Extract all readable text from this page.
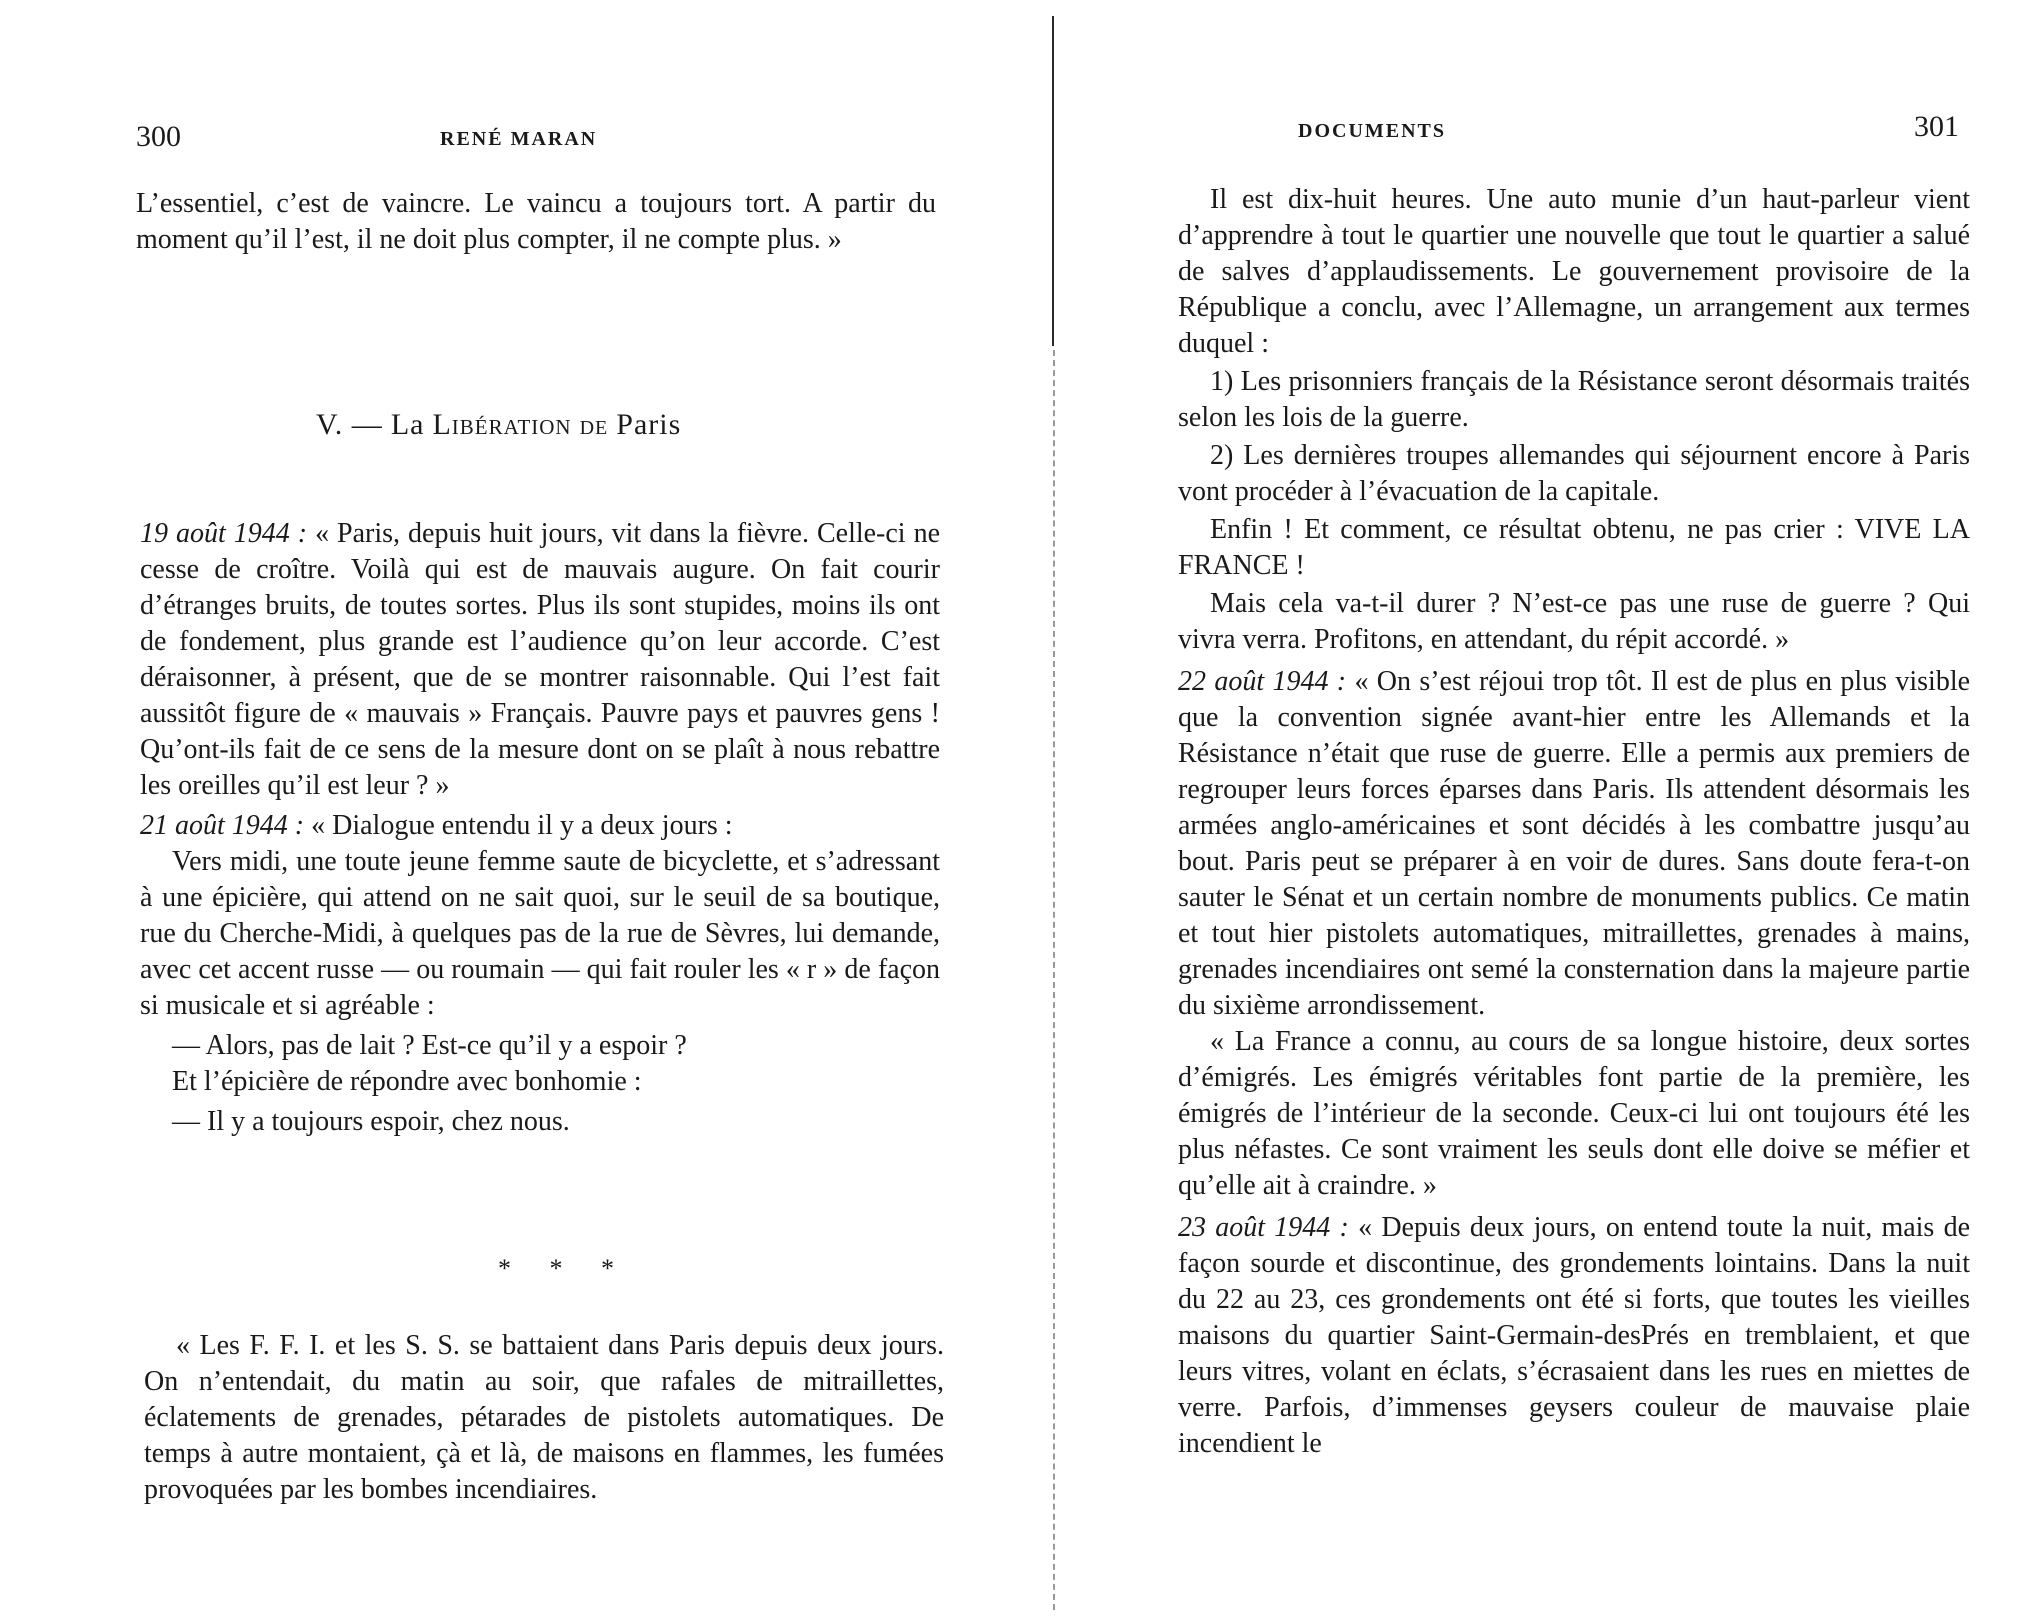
300	RENÉ MARAN

L’essentiel, c’est de vaincre. Le vaincu a toujours tort. A partir du moment qu’il l’est, il ne doit plus compter, il ne compte plus. »

V. — La Libération de Paris

19 août 1944 : « Paris, depuis huit jours, vit dans la fièvre. Celle-ci ne cesse de croître. Voilà qui est de mauvais augure. On fait courir d’étranges bruits, de toutes sortes. Plus ils sont stupides, moins ils ont de fondement, plus grande est l’audience qu’on leur accorde. C’est déraisonner, à présent, que de se montrer raisonnable. Qui l’est fait aussitôt figure de « mauvais » Français. Pauvre pays et pauvres gens ! Qu’ont-ils fait de ce sens de la mesure dont on se plaît à nous rebattre les oreilles qu’il est leur ? »

21 août 1944 : « Dialogue entendu il y a deux jours :

Vers midi, une toute jeune femme saute de bicyclette, et s’adressant à une épicière, qui attend on ne sait quoi, sur le seuil de sa boutique, rue du Cherche-Midi, à quelques pas de la rue de Sèvres, lui demande, avec cet accent russe — ou roumain — qui fait rouler les « r » de façon si musicale et si agréable :

— Alors, pas de lait ? Est-ce qu’il y a espoir ?

Et l’épicière de répondre avec bonhomie :

— Il y a toujours espoir, chez nous.

* * *

« Les F. F. I. et les S. S. se battaient dans Paris depuis deux jours. On n’entendait, du matin au soir, que rafales de mitraillettes, éclatements de grenades, pétarades de pistolets automatiques. De temps à autre montaient, çà et là, de maisons en flammes, les fumées provoquées par les bombes incendiaires.

DOCUMENTS	301

Il est dix-huit heures. Une auto munie d’un haut-parleur vient d’apprendre à tout le quartier une nouvelle que tout le quartier a salué de salves d’applaudissements. Le gouvernement provisoire de la République a conclu, avec l’Allemagne, un arrangement aux termes duquel :

1) Les prisonniers français de la Résistance seront désormais traités selon les lois de la guerre.

2) Les dernières troupes allemandes qui séjournent encore à Paris vont procéder à l’évacuation de la capitale.

Enfin ! Et comment, ce résultat obtenu, ne pas crier : VIVE LA FRANCE !

Mais cela va-t-il durer ? N’est-ce pas une ruse de guerre ? Qui vivra verra. Profitons, en attendant, du répit accordé. »

22 août 1944 : « On s’est réjoui trop tôt. Il est de plus en plus visible que la convention signée avant-hier entre les Allemands et la Résistance n’était que ruse de guerre. Elle a permis aux premiers de regrouper leurs forces éparses dans Paris. Ils attendent désormais les armées anglo-américaines et sont décidés à les combattre jusqu’au bout. Paris peut se préparer à en voir de dures. Sans doute fera-t-on sauter le Sénat et un certain nombre de monuments publics. Ce matin et tout hier pistolets automatiques, mitraillettes, grenades à mains, grenades incendiaires ont semé la consternation dans la majeure partie du sixième arrondissement.

« La France a connu, au cours de sa longue histoire, deux sortes d’émigrés. Les émigrés véritables font partie de la première, les émigrés de l’intérieur de la seconde. Ceux-ci lui ont toujours été les plus néfastes. Ce sont vraiment les seuls dont elle doive se méfier et qu’elle ait à craindre. »

23 août 1944 : « Depuis deux jours, on entend toute la nuit, mais de façon sourde et discontinue, des grondements lointains. Dans la nuit du 22 au 23, ces grondements ont été si forts, que toutes les vieilles maisons du quartier Saint-Germain-desPrés en tremblaient, et que leurs vitres, volant en éclats, s’écrasaient dans les rues en miettes de verre. Parfois, d’immenses geysers couleur de mauvaise plaie incendient le
